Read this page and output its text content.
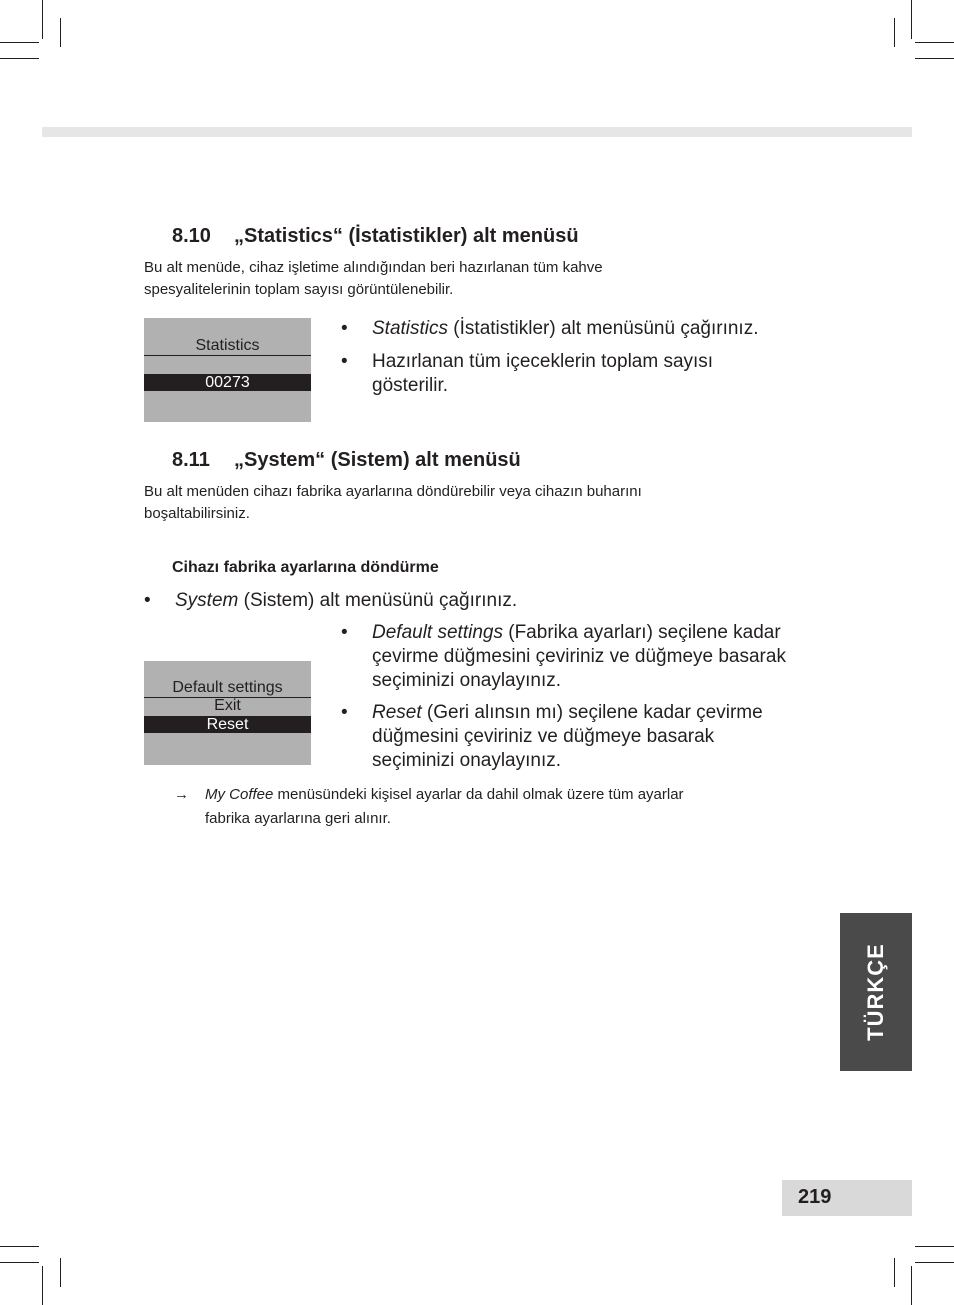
8.10 „Statistics“ (İstatistikler) alt menüsü
Bu alt menüde, cihaz işletime alındığından beri hazırlanan tüm kahve
spesyalitelerinin toplam sayısı görüntülenebilir.
Statistics
00273
• Statistics (İstatistikler) alt menüsünü çağırınız.
• Hazırlanan tüm içeceklerin toplam sayısı
gösterilir.
8.11 „System“ (Sistem) alt menüsü
Bu alt menüden cihazı fabrika ayarlarına döndürebilir veya cihazın buharını
boşaltabilirsiniz.
Cihazı fabrika ayarlarına döndürme
• System (Sistem) alt menüsünü çağırınız.
Default settings
Exit
Reset
• Default settings (Fabrika ayarları) seçilene kadar
çevirme düğmesini çeviriniz ve düğmeye basarak
seçiminizi onaylayınız.
• Reset (Geri alınsın mı) seçilene kadar çevirme
düğmesini çeviriniz ve düğmeye basarak
seçiminizi onaylayınız.
→	My Coffee menüsündeki kişisel ayarlar da dahil olmak üzere tüm ayarlar
fabrika ayarlarına geri alınır.
TÜRKÇE
219
